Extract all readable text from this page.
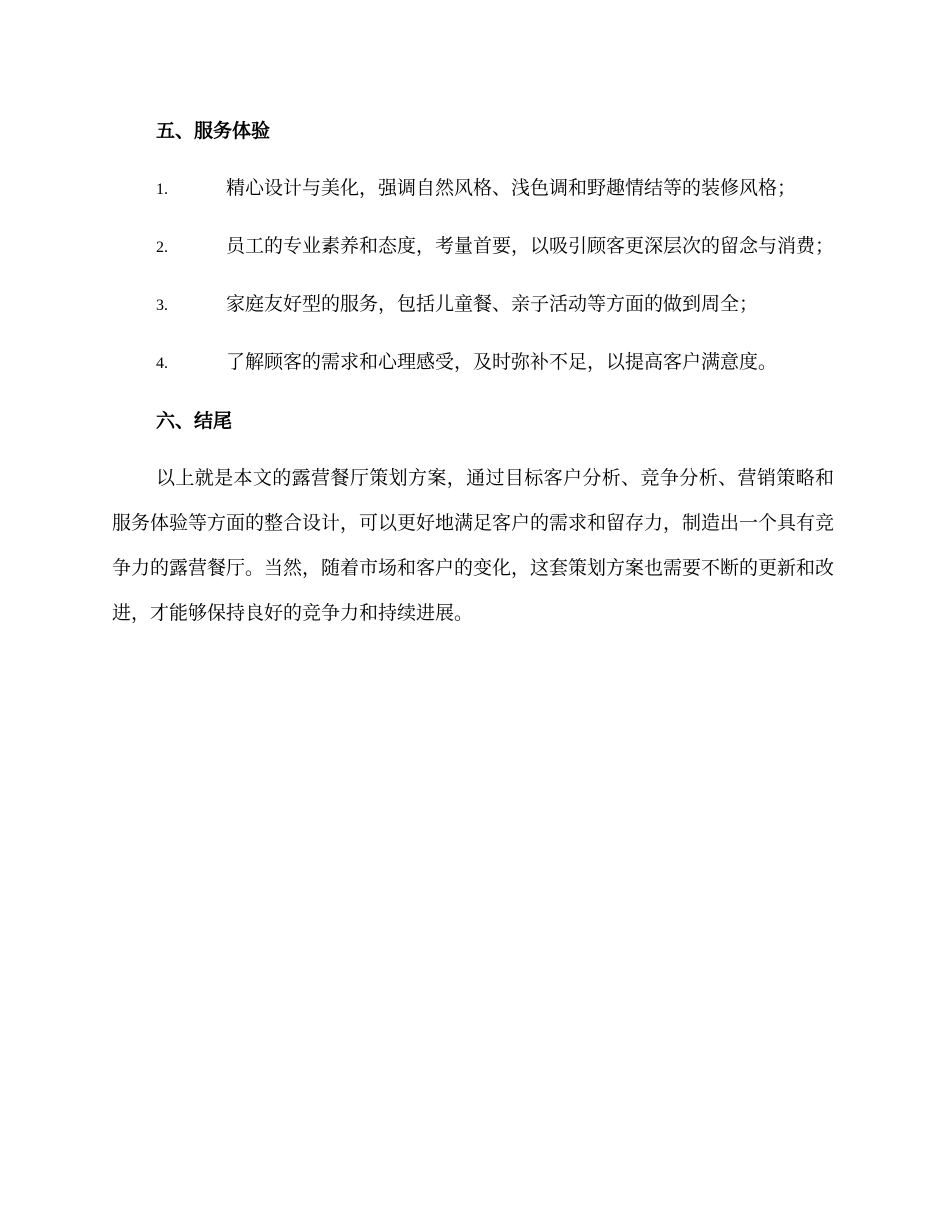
五、服务体验
1.	精心设计与美化，强调自然风格、浅色调和野趣情结等的装修风格；
2.	员工的专业素养和态度，考量首要，以吸引顾客更深层次的留念与消费；
3.	家庭友好型的服务，包括儿童餐、亲子活动等方面的做到周全；
4.	了解顾客的需求和心理感受，及时弥补不足，以提高客户满意度。
六、结尾

以上就是本文的露营餐厅策划方案，通过目标客户分析、竞争分析、营销策略和服务体验等方面的整合设计，可以更好地满足客户的需求和留存力，制造出一个具有竞争力的露营餐厅。当然，随着市场和客户的变化，这套策划方案也需要不断的更新和改进，才能够保持良好的竞争力和持续进展。
